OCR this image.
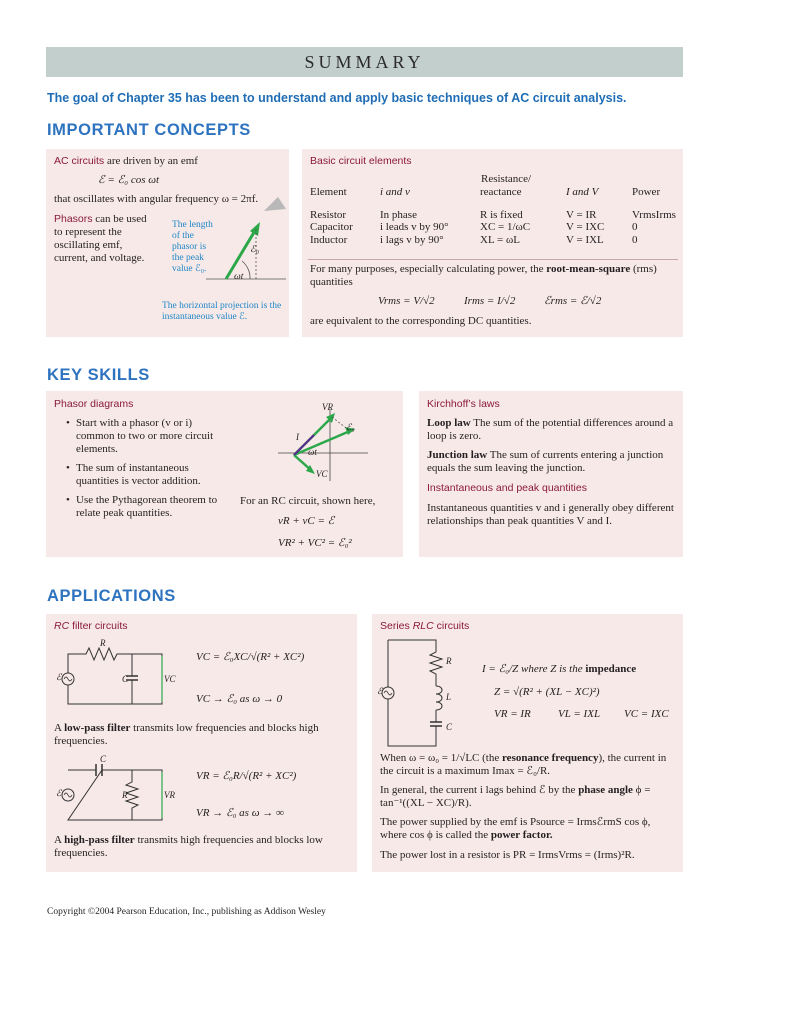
SUMMARY
The goal of Chapter 35 has been to understand and apply basic techniques of AC circuit analysis.
IMPORTANT CONCEPTS
AC circuits are driven by an emf
ℰ = ℰ₀ cos ωt
that oscillates with angular frequency ω = 2πf.
Phasors can be used to represent the oscillating emf, current, and voltage.
The length of the phasor is the peak value ℰ₀.
ℰ₀
ωt
The horizontal projection is the instantaneous value ℰ.
Basic circuit elements
Resistance/
Element	i and v	reactance	I and V	Power

Resistor	In phase	R is fixed	V = IR	VrmsIrms
Capacitor	i leads v by 90°	XC = 1/ωC	V = IXC	0
Inductor	i lags v by 90°	XL = ωL	V = IXL	0
For many purposes, especially calculating power, the root-mean-square (rms) quantities
Vrms = V/√2	Irms = I/√2	ℰrms = ℰ/√2
are equivalent to the corresponding DC quantities.
KEY SKILLS
Phasor diagrams
• Start with a phasor (v or i) common to two or more circuit elements.
• The sum of instantaneous quantities is vector addition.
• Use the Pythagorean theorem to relate peak quantities.
VR
ℰ₀
I
ωt
VC
For an RC circuit, shown here,
vR + vC = ℰ
VR² + VC² = ℰ₀²
Kirchhoff’s laws
Loop law The sum of the potential differences around a loop is zero.
Junction law The sum of currents entering a junction equals the sum leaving the junction.
Instantaneous and peak quantities
Instantaneous quantities v and i generally obey different relationships than peak quantities V and I.
APPLICATIONS
RC filter circuits
R
C
ℰ	VC
VC = ℰ₀XC/√(R² + XC²)
VC → ℰ₀ as ω → 0
A low-pass filter transmits low frequencies and blocks high frequencies.
C
R
ℰ	VR
VR = ℰ₀R/√(R² + XC²)
VR → ℰ₀ as ω → ∞
A high-pass filter transmits high frequencies and blocks low frequencies.
Series RLC circuits
R
L
C
ℰ
I = ℰ₀/Z where Z is the impedance
Z = √(R² + (XL − XC)²)
VR = IR VL = IXL VC = IXC
When ω = ω₀ = 1/√LC (the resonance frequency), the current in the circuit is a maximum Imax = ℰ₀/R.
In general, the current i lags behind ℰ by the phase angle ϕ = tan⁻¹((XL − XC)/R).
The power supplied by the emf is Psource = IrmsℰrmS cos ϕ, where cos ϕ is called the power factor.
The power lost in a resistor is PR = IrmsVrms = (Irms)²R.
Copyright ©2004 Pearson Education, Inc., publishing as Addison Wesley
